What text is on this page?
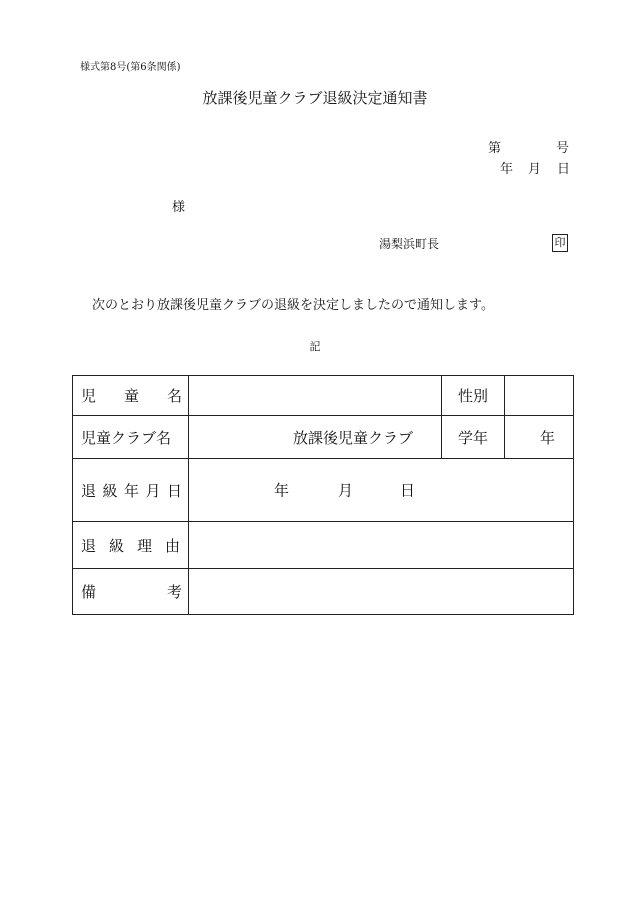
様式第8号(第6条関係)
放課後児童クラブ退級決定通知書
第	号
年 月 日
様
湯梨浜町長	印
次のとおり放課後児童クラブの退級を決定しましたので通知します。
記
児 童 名		性別	
児童クラブ名	放課後児童クラブ	学年	年

退 級 年 月 日	年 月 日		

退 級 理 由			

備 考			
